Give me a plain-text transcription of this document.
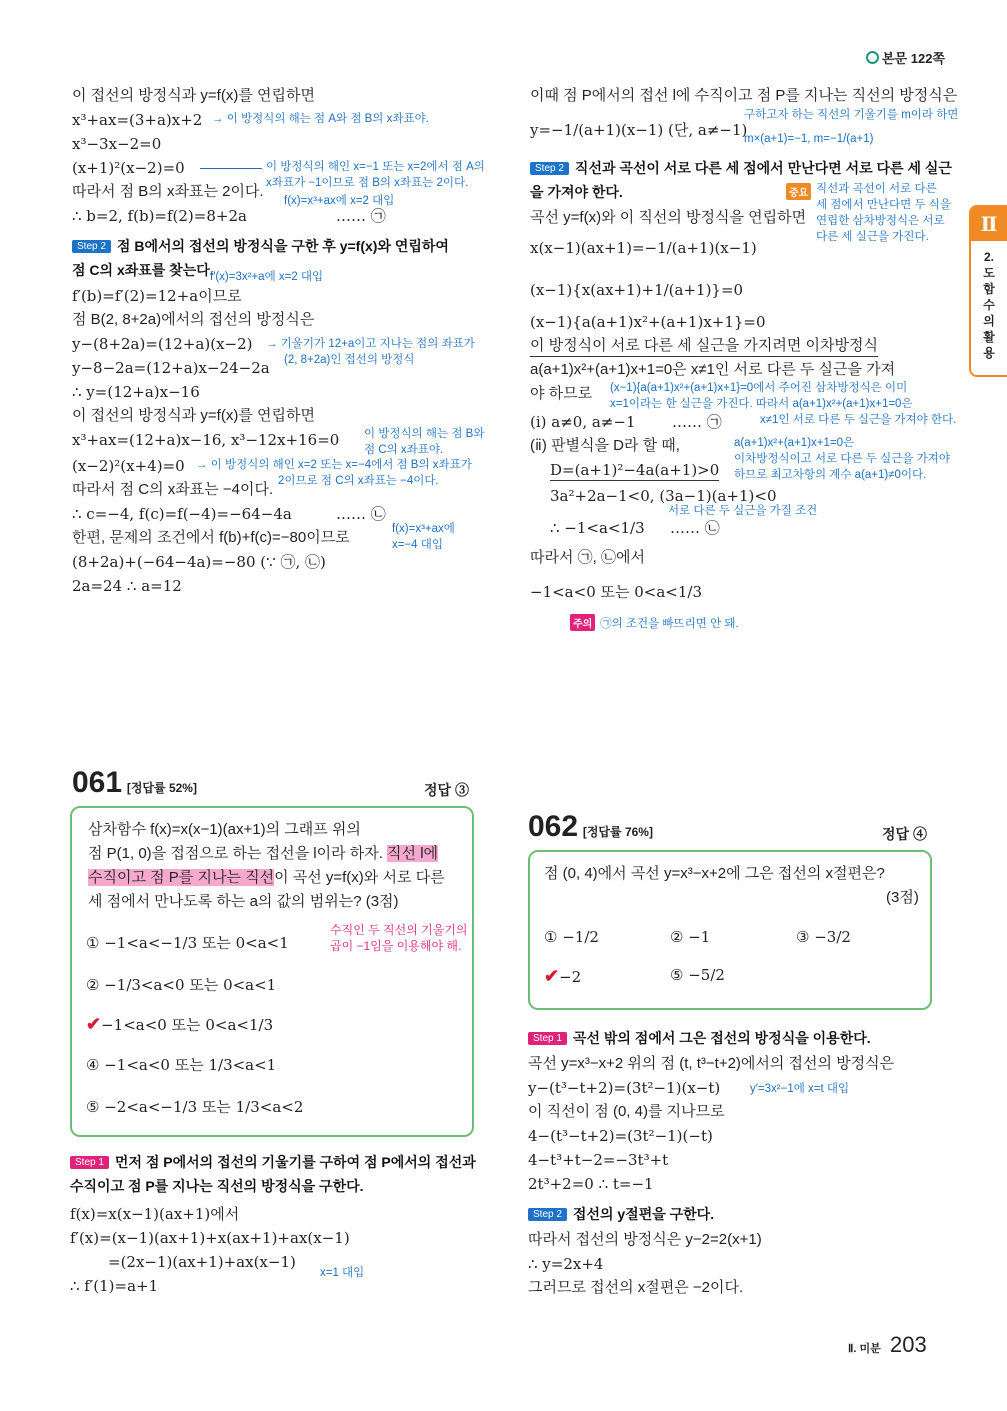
본문 122쪽
Ⅱ
2.도함수의활용
이 접선의 방정식과 y=f(x)를 연립하면
x³+ax=(3+a)x+2 → 이 방정식의 해는 점 A와 점 B의 x좌표야.
x³−3x−2=0
(x+1)²(x−2)=0	이 방정식의 해인 x=−1 또는 x=2에서 점 A의
x좌표가 −1이므로 점 B의 x좌표는 2이다.
따라서 점 B의 x좌표는 2이다.
f(x)=x³+ax에 x=2 대입
∴ b=2, f(b)=f(2)=8+2a	…… ㉠
Step 2 점 B에서의 접선의 방정식을 구한 후 y=f(x)와 연립하여
점 C의 x좌표를 찾는다.
f′(x)=3x²+a에 x=2 대입
f′(b)=f′(2)=12+a이므로
점 B(2, 8+2a)에서의 접선의 방정식은
y−(8+2a)=(12+a)(x−2) → 기울기가 12+a이고 지나는 점의 좌표가
(2, 8+2a)인 접선의 방정식
y−8−2a=(12+a)x−24−2a
∴ y=(12+a)x−16
이 접선의 방정식과 y=f(x)를 연립하면
x³+ax=(12+a)x−16, x³−12x+16=0 이 방정식의 해는 점 B와
점 C의 x좌표야.
(x−2)²(x+4)=0 → 이 방정식의 해인 x=2 또는 x=−4에서 점 B의 x좌표가
2이므로 점 C의 x좌표는 −4이다.
따라서 점 C의 x좌표는 −4이다.
∴ c=−4, f(c)=f(−4)=−64−4a	…… ㉡
f(x)=x³+ax에
x=−4 대입
한편, 문제의 조건에서 f(b)+f(c)=−80이므로
(8+2a)+(−64−4a)=−80 (∵ ㉠, ㉡)
2a=24 ∴ a=12
이때 점 P에서의 접선 l에 수직이고 점 P를 지나는 직선의 방정식은
구하고자 하는 직선의 기울기를 m이라 하면
y=−1/(a+1)(x−1) (단, a≠−1)
m×(a+1)=−1, m=−1/(a+1)
Step 2 직선과 곡선이 서로 다른 세 점에서 만난다면 서로 다른 세 실근
을 가져야 한다.	중요 직선과 곡선이 서로 다른
세 점에서 만난다면 두 식을
연립한 삼차방정식은 서로
다른 세 실근을 가진다.
곡선 y=f(x)와 이 직선의 방정식을 연립하면
x(x−1)(ax+1)=−1/(a+1)(x−1)
(x−1){x(ax+1)+1/(a+1)}=0
(x−1){a(a+1)x²+(a+1)x+1}=0
이 방정식이 서로 다른 세 실근을 가지려면 이차방정식
a(a+1)x²+(a+1)x+1=0은 x≠1인 서로 다른 두 실근을 가져
야 하므로 (x−1){a(a+1)x²+(a+1)x+1}=0에서 주어진 삼차방정식은 이미
x=1이라는 한 실근을 가진다. 따라서 a(a+1)x²+(a+1)x+1=0은
x≠1인 서로 다른 두 실근을 가져야 한다.
(ⅰ) a≠0, a≠−1 …… ㉠
(ⅱ) 판별식을 D라 할 때,	a(a+1)x²+(a+1)x+1=0은
이차방정식이고 서로 다른 두 실근을 가져야
하므로 최고차항의 계수 a(a+1)≠0이다.
D=(a+1)²−4a(a+1)>0
3a²+2a−1<0, (3a−1)(a+1)<0
서로 다른 두 실근을 가질 조건
∴ −1<a<1/3 …… ㉡
따라서 ㉠, ㉡에서
−1<a<0 또는 0<a<1/3
주의 ㉠의 조건을 빠뜨리면 안 돼.
061 [정답률 52%]	정답 ③
삼차함수 f(x)=x(x−1)(ax+1)의 그래프 위의
점 P(1, 0)을 접점으로 하는 접선을 l이라 하자. 직선 l에
수직이고 점 P를 지나는 직선이 곡선 y=f(x)와 서로 다른
세 점에서 만나도록 하는 a의 값의 범위는? (3점)
수직인 두 직선의 기울기의
곱이 −1임을 이용해야 해.
① −1<a<−1/3 또는 0<a<1
② −1/3<a<0 또는 0<a<1
✔−1<a<0 또는 0<a<1/3
④ −1<a<0 또는 1/3<a<1
⑤ −2<a<−1/3 또는 1/3<a<2
Step 1 먼저 점 P에서의 접선의 기울기를 구하여 점 P에서의 접선과
수직이고 점 P를 지나는 직선의 방정식을 구한다.
f(x)=x(x−1)(ax+1)에서
f′(x)=(x−1)(ax+1)+x(ax+1)+ax(x−1)
=(2x−1)(ax+1)+ax(x−1)
x=1 대입
∴ f′(1)=a+1
062 [정답률 76%]	정답 ④
점 (0, 4)에서 곡선 y=x³−x+2에 그은 접선의 x절편은?
(3점)
① −1/2	② −1	③ −3/2
✔−2	⑤ −5/2
Step 1 곡선 밖의 점에서 그은 접선의 방정식을 이용한다.
곡선 y=x³−x+2 위의 점 (t, t³−t+2)에서의 접선의 방정식은
y−(t³−t+2)=(3t²−1)(x−t)	y′=3x²−1에 x=t 대입
이 직선이 점 (0, 4)를 지나므로
4−(t³−t+2)=(3t²−1)(−t)
4−t³+t−2=−3t³+t
2t³+2=0 ∴ t=−1
Step 2 접선의 y절편을 구한다.
따라서 접선의 방정식은 y−2=2(x+1)
∴ y=2x+4
그러므로 접선의 x절편은 −2이다.
Ⅱ. 미분 203
